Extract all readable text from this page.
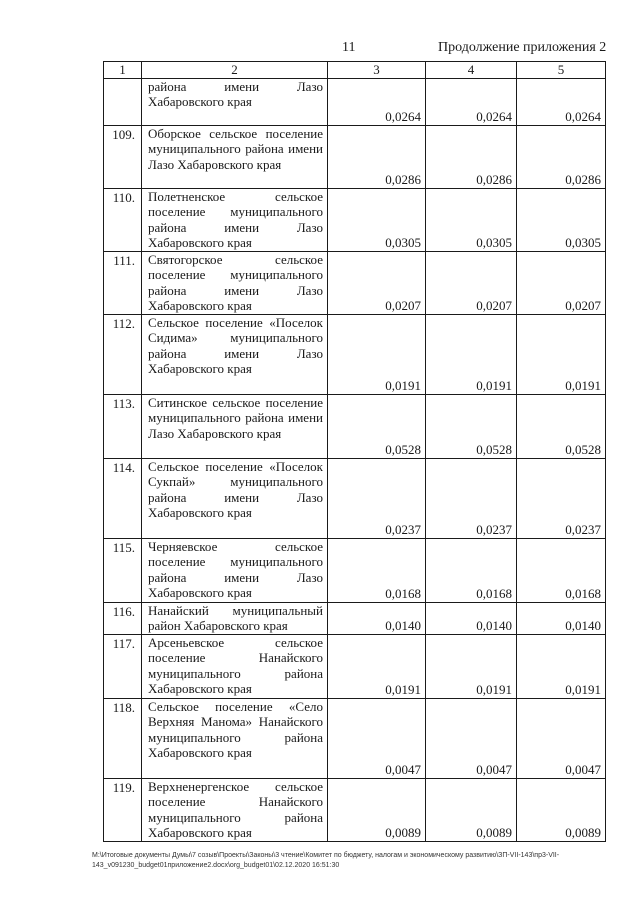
11	Продолжение приложения 2
1	2	3	4	5
	района имени Лазо Хабаровского края	0,0264	0,0264	0,0264
109.	Оборское сельское поселение муниципального района имени Лазо Хабаровского края	0,0286	0,0286	0,0286
110.	Полетненское сельское поселение муниципального района имени Лазо Хабаровского края	0,0305	0,0305	0,0305
111.	Святогорское сельское поселение муниципального района имени Лазо Хабаровского края	0,0207	0,0207	0,0207
112.	Сельское поселение «Поселок Сидима» муниципального района имени Лазо Хабаровского края	0,0191	0,0191	0,0191
113.	Ситинское сельское поселение муниципального района имени Лазо Хабаровского края	0,0528	0,0528	0,0528
114.	Сельское поселение «Поселок Сукпай» муниципального района имени Лазо Хабаровского края	0,0237	0,0237	0,0237
115.	Черняевское сельское поселение муниципального района имени Лазо Хабаровского края	0,0168	0,0168	0,0168
116.	Нанайский муниципальный район Хабаровского края	0,0140	0,0140	0,0140
117.	Арсеньевское сельское поселение Нанайского муниципального района Хабаровского края	0,0191	0,0191	0,0191
118.	Сельское поселение «Село Верхняя Манома» Нанайского муниципального района Хабаровского края	0,0047	0,0047	0,0047
119.	Верхненергенское сельское поселение Нанайского муниципального района Хабаровского края	0,0089	0,0089	0,0089
M:\Итоговые документы Думы\7 созыв\Проекты\Законы\3 чтение\Комитет по бюджету, налогам и экономическому развитию\ЗП-VII-143\пр3-VII-143_v091230_budget01приложение2.docx\org_budget01\02.12.2020 16:51:30
